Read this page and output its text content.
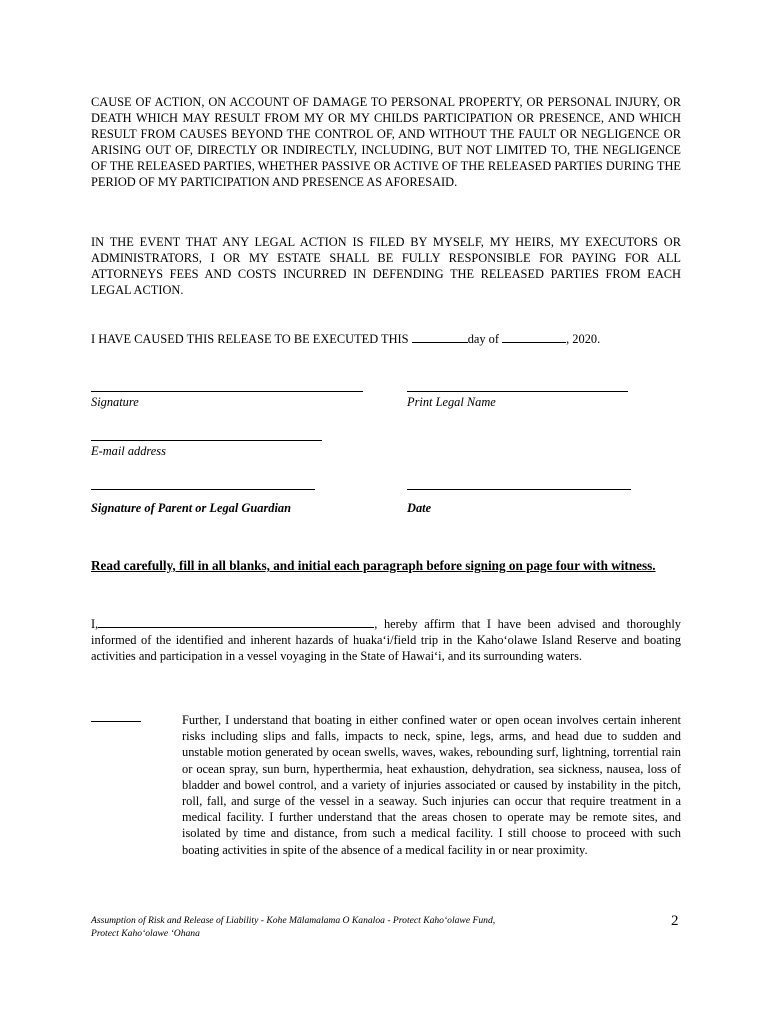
CAUSE OF ACTION, ON ACCOUNT OF DAMAGE TO PERSONAL PROPERTY, OR PERSONAL INJURY, OR DEATH WHICH MAY RESULT FROM MY OR MY CHILDS PARTICIPATION OR PRESENCE, AND WHICH RESULT FROM CAUSES BEYOND THE CONTROL OF, AND WITHOUT THE FAULT OR NEGLIGENCE OR ARISING OUT OF, DIRECTLY OR INDIRECTLY, INCLUDING, BUT NOT LIMITED TO, THE NEGLIGENCE OF THE RELEASED PARTIES, WHETHER PASSIVE OR ACTIVE OF THE RELEASED PARTIES DURING THE PERIOD OF MY PARTICIPATION AND PRESENCE AS AFORESAID.

IN THE EVENT THAT ANY LEGAL ACTION IS FILED BY MYSELF, MY HEIRS, MY EXECUTORS OR ADMINISTRATORS, I OR MY ESTATE SHALL BE FULLY RESPONSIBLE FOR PAYING FOR ALL ATTORNEYS FEES AND COSTS INCURRED IN DEFENDING THE RELEASED PARTIES FROM EACH LEGAL ACTION.

I HAVE CAUSED THIS RELEASE TO BE EXECUTED THIS	day of	, 2020.

Signature	Print Legal Name
E-mail address
Signature of Parent or Legal Guardian	Date

Read carefully, fill in all blanks, and initial each paragraph before signing on page four with witness.

I,	, hereby affirm that I have been advised and thoroughly informed of the identified and inherent hazards of huaka‘i/field trip in the Kaho‘olawe Island Reserve and boating activities and participation in a vessel voyaging in the State of Hawai‘i, and its surrounding waters.

Further, I understand that boating in either confined water or open ocean involves certain inherent risks including slips and falls, impacts to neck, spine, legs, arms, and head due to sudden and unstable motion generated by ocean swells, waves, wakes, rebounding surf, lightning, torrential rain or ocean spray, sun burn, hyperthermia, heat exhaustion, dehydration, sea sickness, nausea, loss of bladder and bowel control, and a variety of injuries associated or caused by instability in the pitch, roll, fall, and surge of the vessel in a seaway. Such injuries can occur that require treatment in a medical facility. I further understand that the areas chosen to operate may be remote sites, and isolated by time and distance, from such a medical facility. I still choose to proceed with such boating activities in spite of the absence of a medical facility in or near proximity.

Assumption of Risk and Release of Liability - Kohe Mālamalama O Kanaloa - Protect Kaho‘olawe Fund,
Protect Kaho‘olawe ‘Ohana
2
